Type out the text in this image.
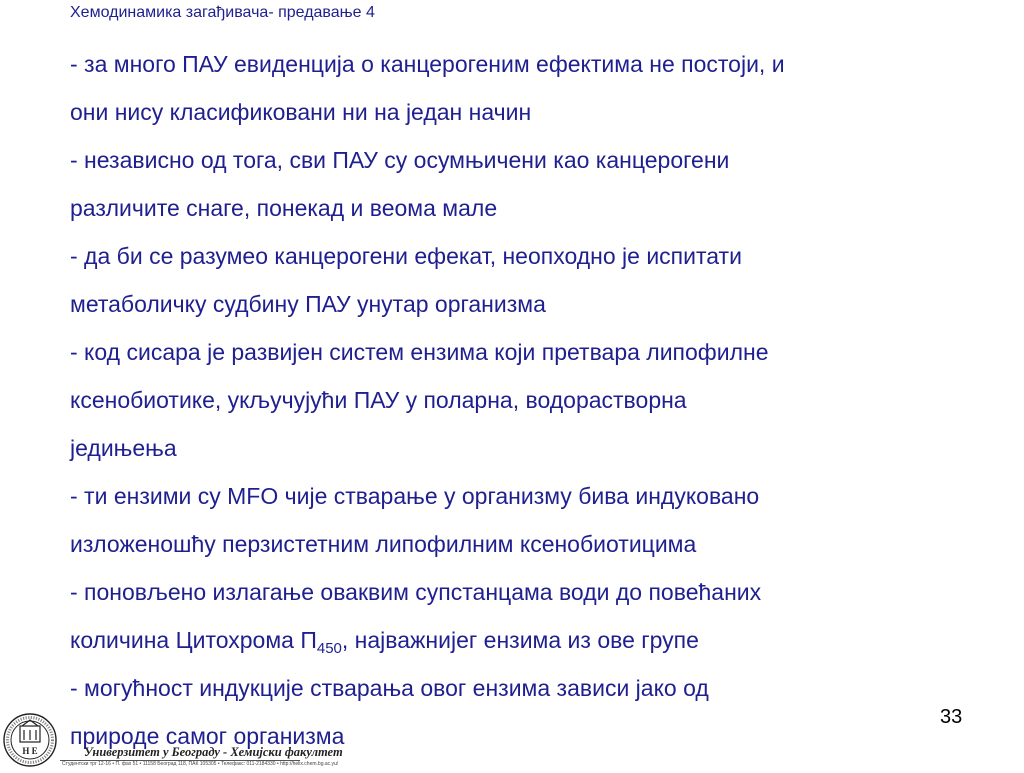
Хемодинамика загађивача- предавање 4
- за много ПАУ евиденција о канцерогеним ефектима не постоји, и
они нису класификовани ни на један начин
- независно од тога, сви ПАУ су осумњичени као канцерогени
различите снаге, понекад и веома мале
- да би се разумео канцерогени ефекат, неопходно је испитати
метаболичку судбину ПАУ унутар организма
- код сисара је развијен систем ензима који претвара липофилне
ксенобиотике, укључујући ПАУ у поларна, водорастворна
једињења
- ти ензими су MFO чије стварање у организму бива индуковано
изложеношћу перзистетним липофилним ксенобиотицима
- поновљено излагање оваквим супстанцама води до повећаних
количина Цитохрома $П_{450}$, најважнијег ензима из ове групе
- могућност индукције стварања овог ензима зависи јако од
природе самог организма
33
Н Е	Универзитет у Београду - Хемијски факултет
Студентски трг 12-16 • П. фах 51 • 11158 Београд 118, ПАК 105305 • Телефакс: 011-2184330 • http://helix.chem.bg.ac.yu/
